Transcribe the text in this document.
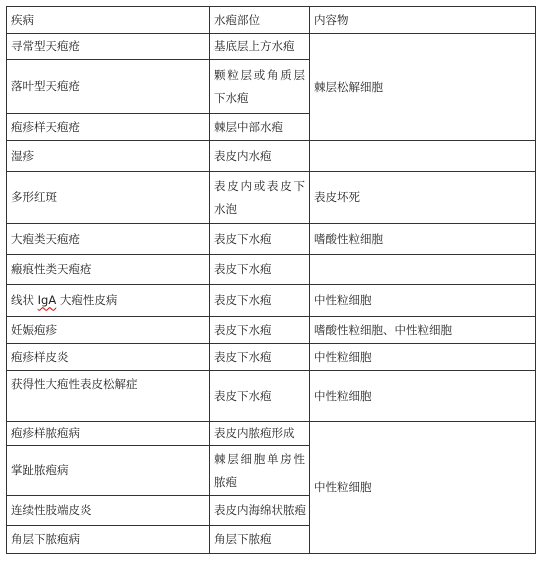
疾病	水疱部位	内容物
寻常型天疱疮	基底层上方水疱	棘层松解细胞
落叶型天疱疮	颗粒层或角质层下水疱	
疱疹样天疱疮	棘层中部水疱	
湿疹	表皮内水疱	
多形红斑	表皮内或表皮下水泡	表皮坏死
大疱类天疱疮	表皮下水疱	嗜酸性粒细胞
瘢痕性类天疱疮	表皮下水疱	
线状 IgA 大疱性皮病	表皮下水疱	中性粒细胞
妊娠疱疹	表皮下水疱	嗜酸性粒细胞、中性粒细胞
疱疹样皮炎	表皮下水疱	中性粒细胞
获得性大疱性表皮松解症	表皮下水疱	中性粒细胞
疱疹样脓疱病	表皮内脓疱形成	中性粒细胞
掌趾脓疱病	棘层细胞单房性脓疱	
连续性肢端皮炎	表皮内海绵状脓疱	
角层下脓疱病	角层下脓疱	
